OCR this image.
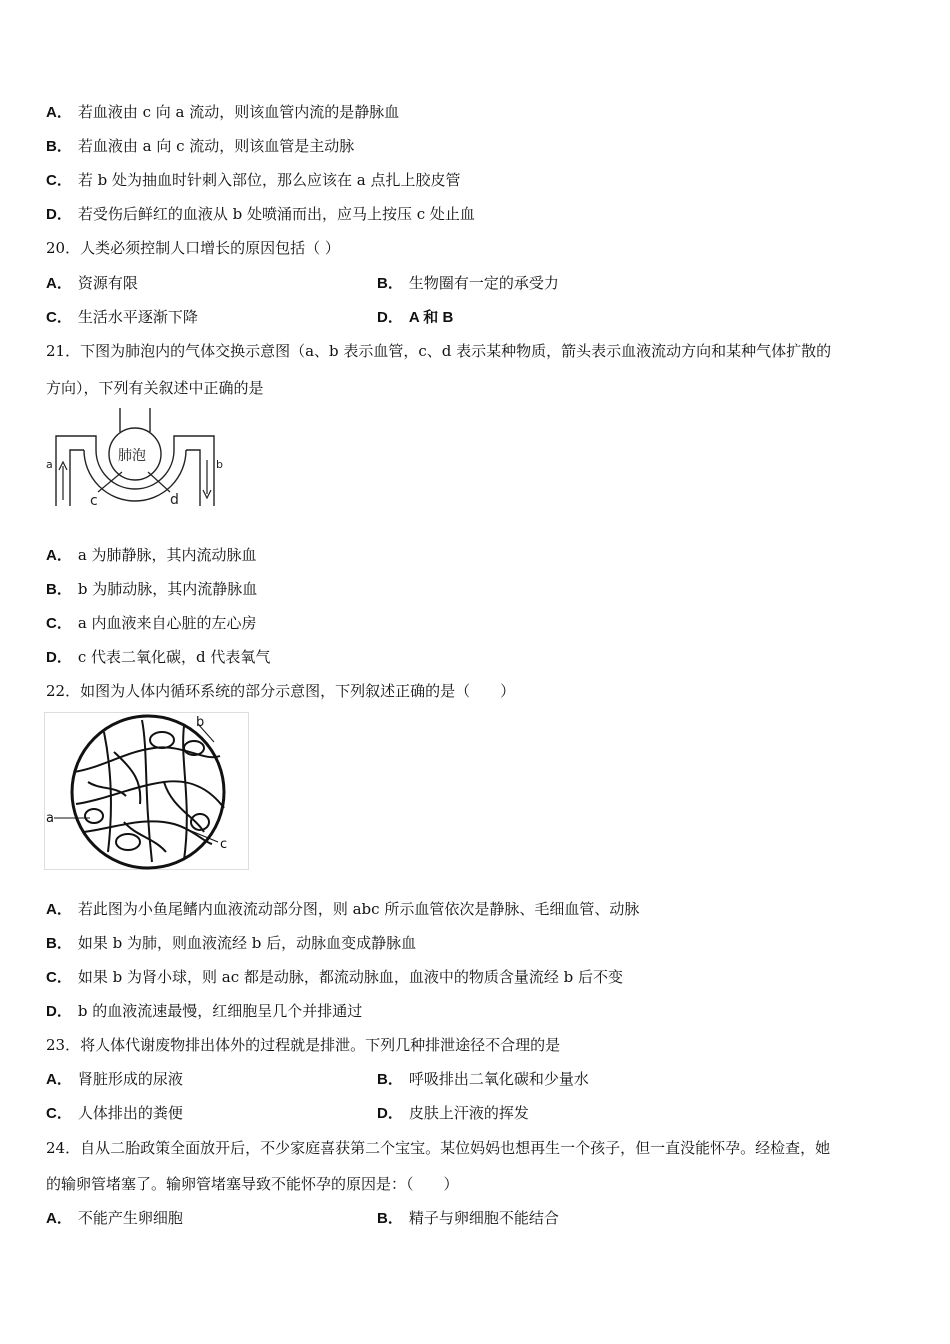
A． 若血液由 c 向 a 流动，则该血管内流的是静脉血
B． 若血液由 a 向 c 流动，则该血管是主动脉
C． 若 b 处为抽血时针刺入部位，那么应该在 a 点扎上胶皮管
D． 若受伤后鲜红的血液从 b 处喷涌而出，应马上按压 c 处止血
20．人类必须控制人口增长的原因包括（ ）
A． 资源有限	B． 生物圈有一定的承受力
C． 生活水平逐渐下降	D． A 和 B
21．下图为肺泡内的气体交换示意图（a、b 表示血管，c、d 表示某种物质，箭头表示血液流动方向和某种气体扩散的
方向），下列有关叙述中正确的是
肺泡
a	b
c	d
A． a 为肺静脉，其内流动脉血
B． b 为肺动脉，其内流静脉血
C． a 内血液来自心脏的左心房
D． c 代表二氧化碳，d 代表氧气
22．如图为人体内循环系统的部分示意图，下列叙述正确的是（　　）
a
b
c
A． 若此图为小鱼尾鳍内血液流动部分图，则 abc 所示血管依次是静脉、毛细血管、动脉
B． 如果 b 为肺，则血液流经 b 后，动脉血变成静脉血
C． 如果 b 为肾小球，则 ac 都是动脉，都流动脉血，血液中的物质含量流经 b 后不变
D． b 的血液流速最慢，红细胞呈几个并排通过
23．将人体代谢废物排出体外的过程就是排泄。下列几种排泄途径不合理的是
A． 肾脏形成的尿液	B． 呼吸排出二氧化碳和少量水
C． 人体排出的粪便	D． 皮肤上汗液的挥发
24．自从二胎政策全面放开后，不少家庭喜获第二个宝宝。某位妈妈也想再生一个孩子，但一直没能怀孕。经检查，她
的输卵管堵塞了。输卵管堵塞导致不能怀孕的原因是：（　　）
A． 不能产生卵细胞	B． 精子与卵细胞不能结合
